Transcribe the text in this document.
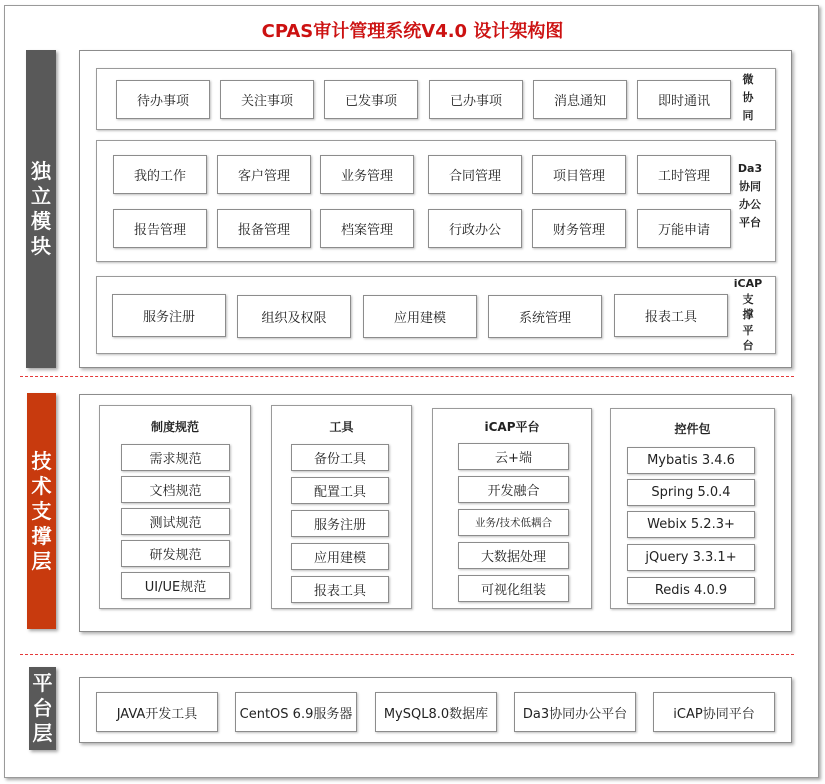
CPAS审计管理系统V4.0 设计架构图
独
立
模
块
待办事项	关注事项	已发事项	已办事项	消息通知	即时通讯
微
协
同
我的工作	客户管理	业务管理	合同管理	项目管理	工时管理
报告管理	报备管理	档案管理	行政办公	财务管理	万能申请
Da3
协同
办公
平台
服务注册	组织及权限	应用建模	系统管理	报表工具
iCAP
支
撑
平
台
技
术
支
撑
层
制度规范
需求规范
文档规范
测试规范
研发规范
UI/UE规范
工具
备份工具
配置工具
服务注册
应用建模
报表工具
iCAP平台
云+端
开发融合
业务/技术低耦合
大数据处理
可视化组装
控件包
Mybatis 3.4.6
Spring 5.0.4
Webix 5.2.3+
jQuery 3.3.1+
Redis 4.0.9
平
台
层
JAVA开发工具	CentOS 6.9服务器	MySQL8.0数据库	Da3协同办公平台	iCAP协同平台
